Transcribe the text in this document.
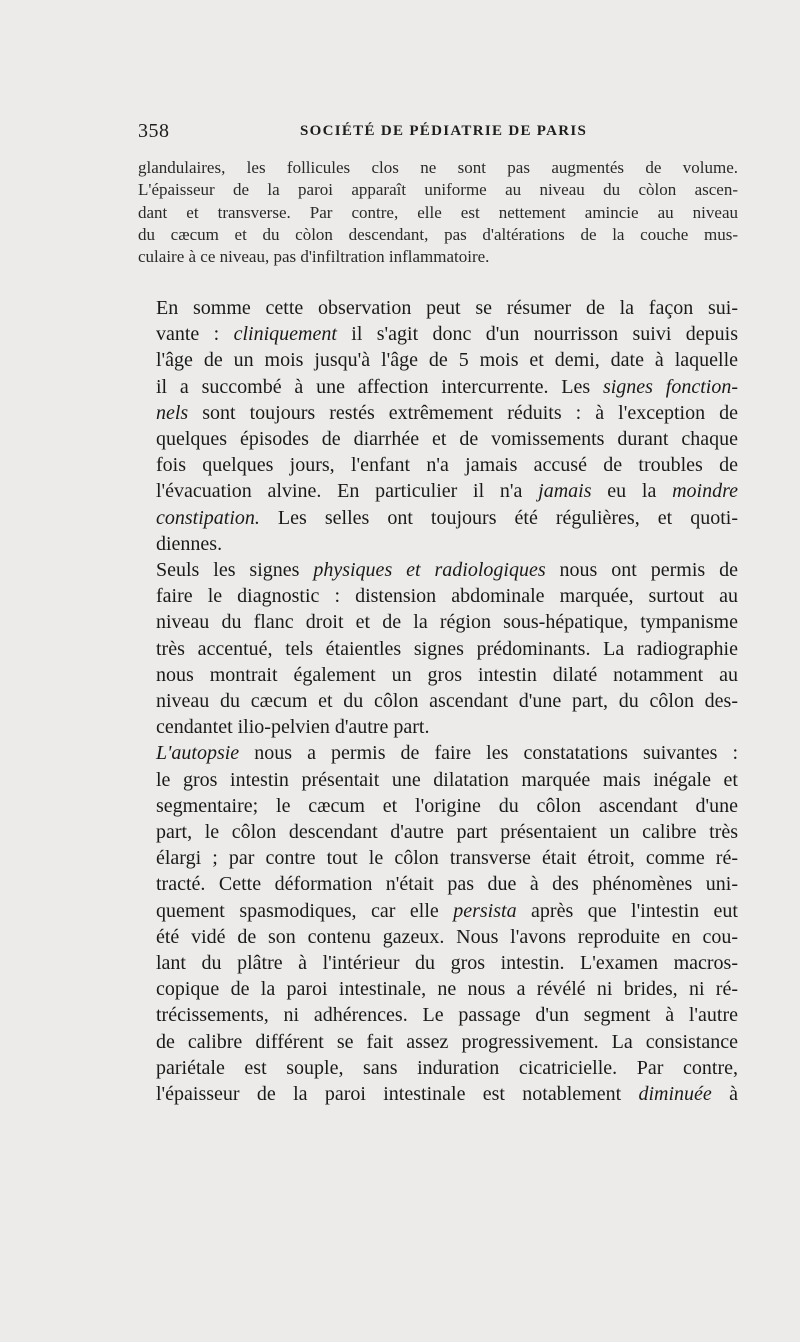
358	SOCIÉTÉ DE PÉDIATRIE DE PARIS

glandulaires, les follicules clos ne sont pas augmentés de volume.
L'épaisseur de la paroi apparaît uniforme au niveau du còlon ascen-
dant et transverse. Par contre, elle est nettement amincie au niveau
du cæcum et du còlon descendant, pas d'altérations de la couche mus-
culaire à ce niveau, pas d'infiltration inflammatoire.

En somme cette observation peut se résumer de la façon sui-
vante : cliniquement il s'agit donc d'un nourrisson suivi depuis
l'âge de un mois jusqu'à l'âge de 5 mois et demi, date à laquelle
il a succombé à une affection intercurrente. Les signes fonction-
nels sont toujours restés extrêmement réduits : à l'exception de
quelques épisodes de diarrhée et de vomissements durant chaque
fois quelques jours, l'enfant n'a jamais accusé de troubles de
l'évacuation alvine. En particulier il n'a jamais eu la moindre
constipation. Les selles ont toujours été régulières, et quoti-
diennes.

Seuls les signes physiques et radiologiques nous ont permis de
faire le diagnostic : distension abdominale marquée, surtout au
niveau du flanc droit et de la région sous-hépatique, tympanisme
très accentué, tels étaientles signes prédominants. La radiographie
nous montrait également un gros intestin dilaté notamment au
niveau du cæcum et du côlon ascendant d'une part, du côlon des-
cendantet ilio-pelvien d'autre part.

L'autopsie nous a permis de faire les constatations suivantes :
le gros intestin présentait une dilatation marquée mais inégale et
segmentaire; le cæcum et l'origine du côlon ascendant d'une
part, le côlon descendant d'autre part présentaient un calibre très
élargi ; par contre tout le côlon transverse était étroit, comme ré-
tracté. Cette déformation n'était pas due à des phénomènes uni-
quement spasmodiques, car elle persista après que l'intestin eut
été vidé de son contenu gazeux. Nous l'avons reproduite en cou-
lant du plâtre à l'intérieur du gros intestin. L'examen macros-
copique de la paroi intestinale, ne nous a révélé ni brides, ni ré-
trécissements, ni adhérences. Le passage d'un segment à l'autre
de calibre différent se fait assez progressivement. La consistance
pariétale est souple, sans induration cicatricielle. Par contre,
l'épaisseur de la paroi intestinale est notablement diminuée à
